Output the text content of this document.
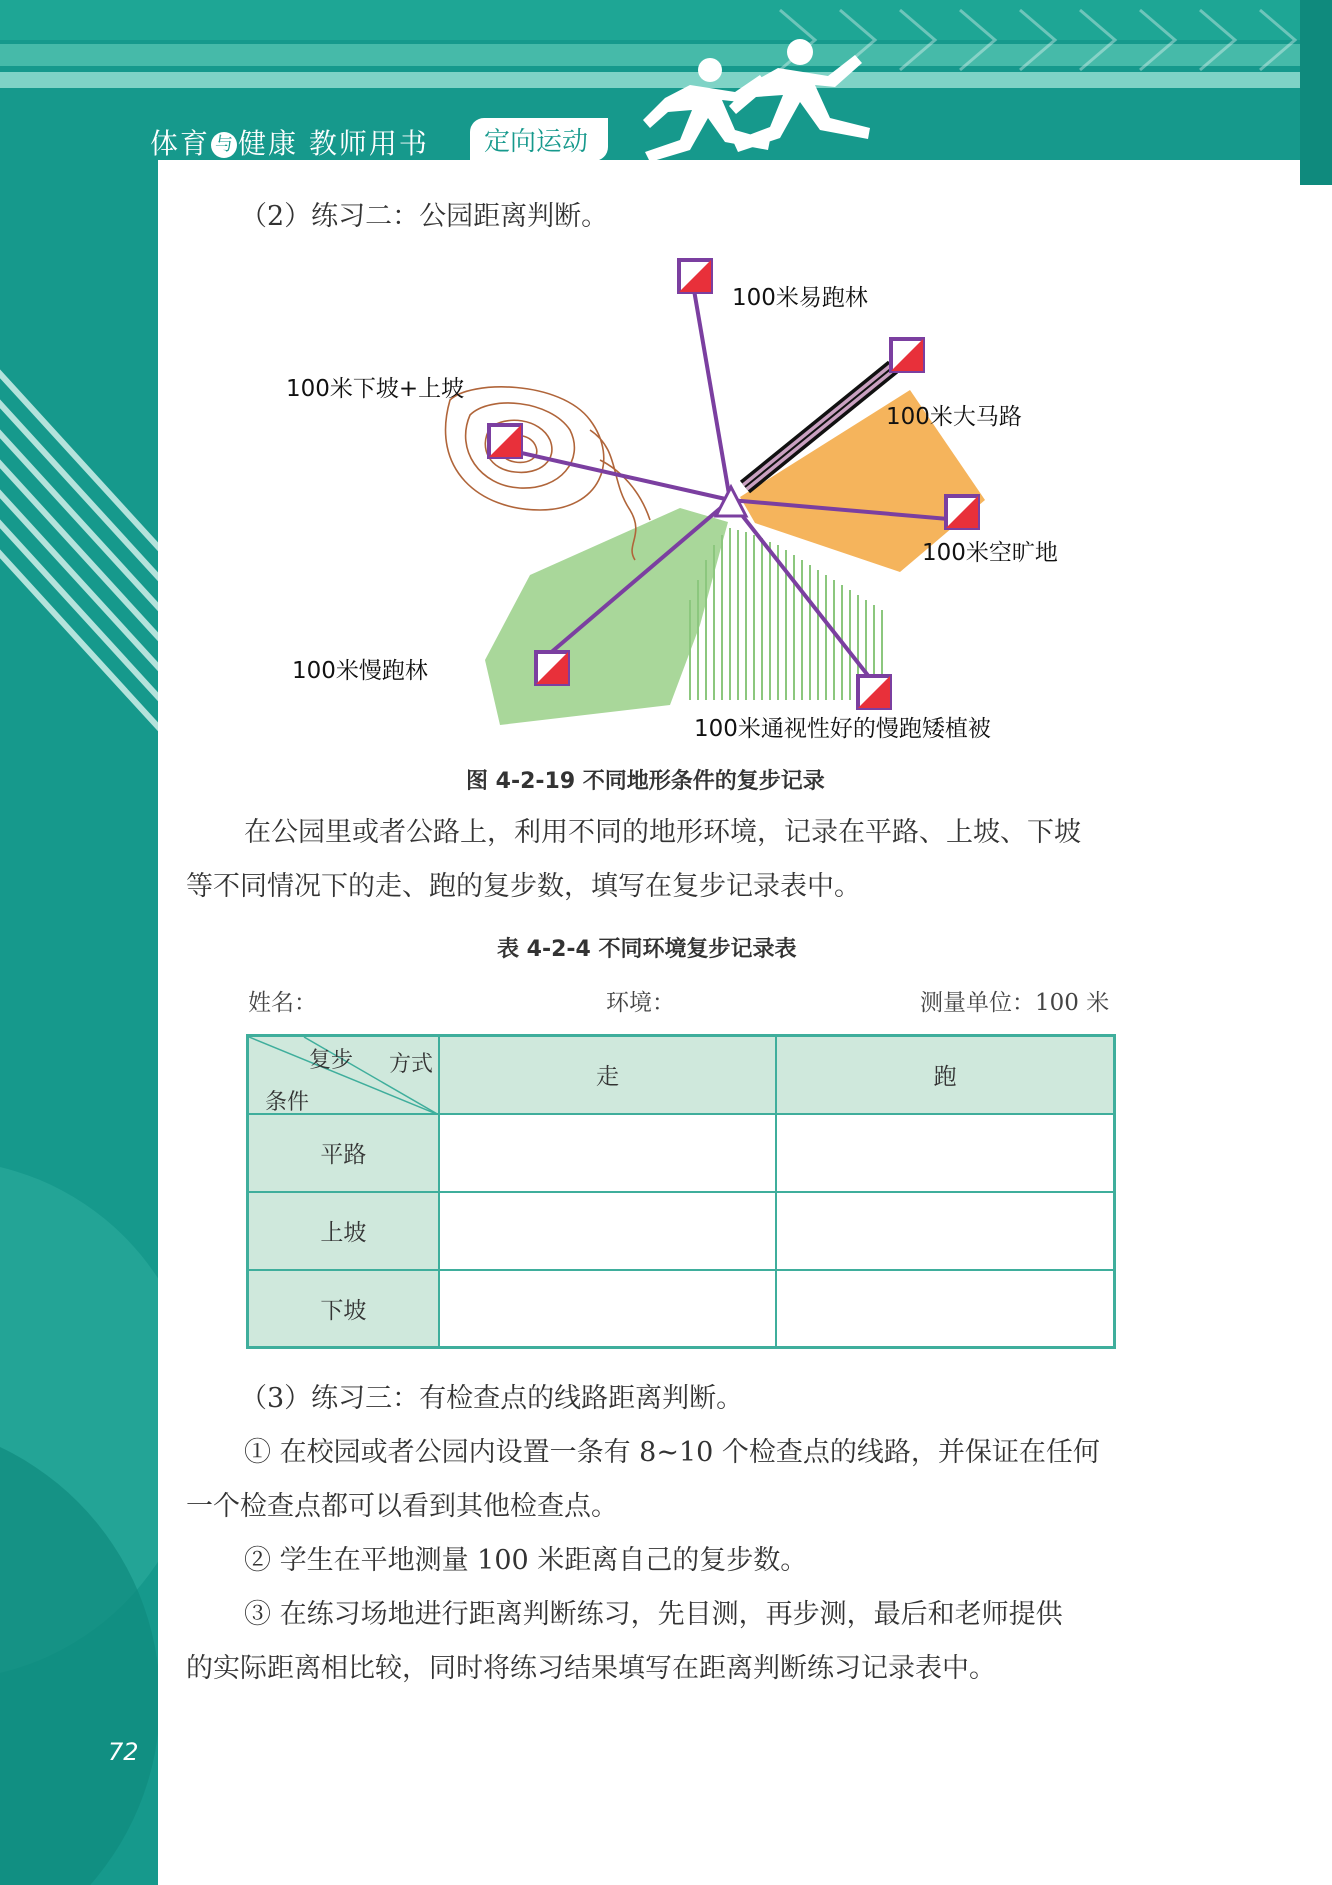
体育 与 健康 教师用书	定向运动
（2）练习二：公园距离判断。
100米易跑林
100米下坡+上坡
100米大马路
100米空旷地
100米慢跑林
100米通视性好的慢跑矮植被
图 4-2-19 不同地形条件的复步记录
在公园里或者公路上，利用不同的地形环境，记录在平路、上坡、下坡
等不同情况下的走、跑的复步数，填写在复步记录表中。
表 4-2-4 不同环境复步记录表
姓名：	环境：	测量单位：100 米
复步 方式
条件	走	跑
平路		
上坡		
下坡		
（3）练习三：有检查点的线路距离判断。
① 在校园或者公园内设置一条有 8~10 个检查点的线路，并保证在任何
一个检查点都可以看到其他检查点。
② 学生在平地测量 100 米距离自己的复步数。
③ 在练习场地进行距离判断练习，先目测，再步测，最后和老师提供
的实际距离相比较，同时将练习结果填写在距离判断练习记录表中。
72
